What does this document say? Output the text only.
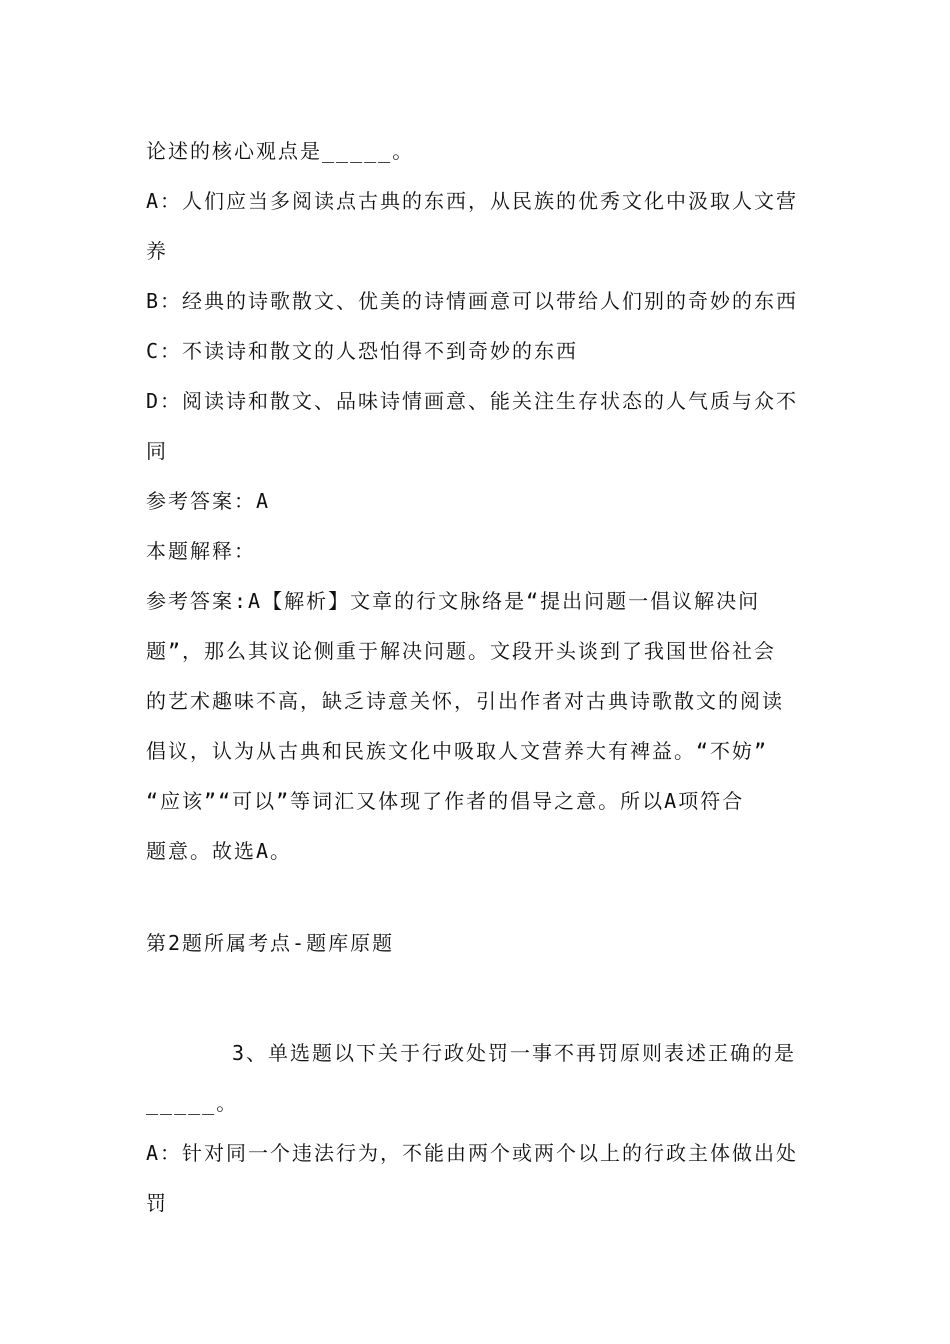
论述的核心观点是_____。
A：人们应当多阅读点古典的东西，从民族的优秀文化中汲取人文营
养
B：经典的诗歌散文、优美的诗情画意可以带给人们别的奇妙的东西
C：不读诗和散文的人恐怕得不到奇妙的东西
D：阅读诗和散文、品味诗情画意、能关注生存状态的人气质与众不
同
参考答案：A
本题解释：
参考答案:A【解析】文章的行文脉络是“提出问题一倡议解决问
题”，那么其议论侧重于解决问题。文段开头谈到了我国世俗社会
的艺术趣味不高，缺乏诗意关怀，引出作者对古典诗歌散文的阅读
倡议，认为从古典和民族文化中吸取人文营养大有裨益。“不妨”
“应该”“可以”等词汇又体现了作者的倡导之意。所以A项符合
题意。故选A。
第2题所属考点-题库原题
3、单选题以下关于行政处罚一事不再罚原则表述正确的是
_____。
A：针对同一个违法行为，不能由两个或两个以上的行政主体做出处
罚
